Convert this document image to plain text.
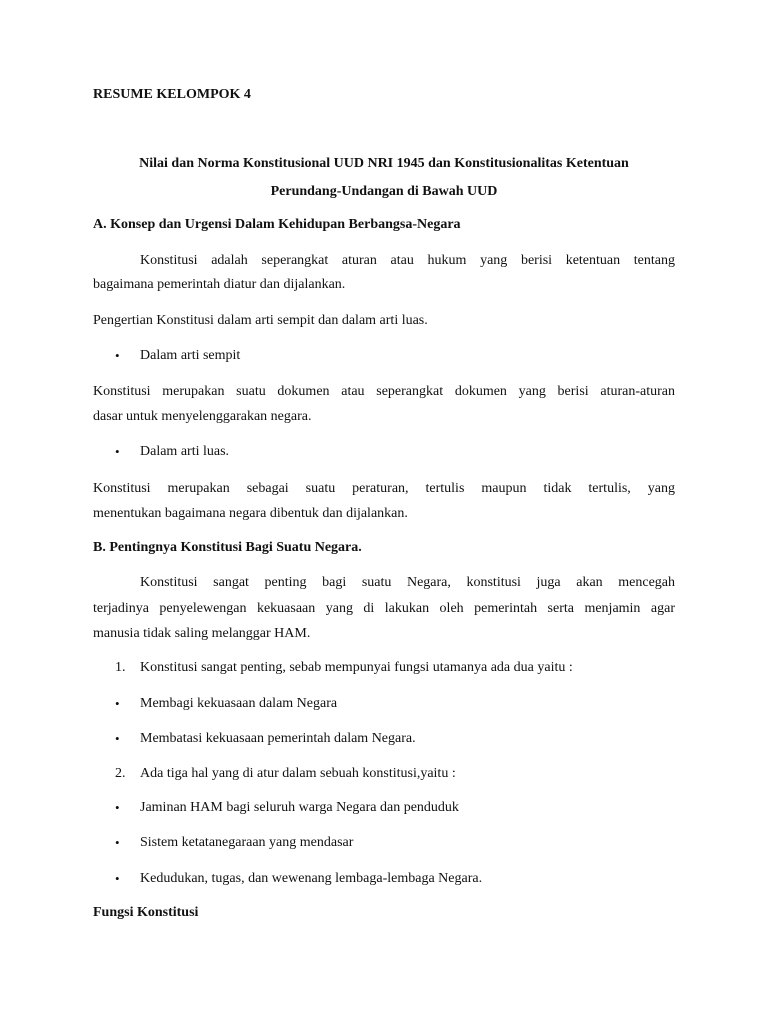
RESUME KELOMPOK 4
Nilai dan Norma Konstitusional UUD NRI 1945 dan Konstitusionalitas Ketentuan
Perundang-Undangan di Bawah UUD
A. Konsep dan Urgensi Dalam Kehidupan Berbangsa-Negara
Konstitusi adalah seperangkat aturan atau hukum yang berisi ketentuan tentang
bagaimana pemerintah diatur dan dijalankan.
Pengertian Konstitusi dalam arti sempit dan dalam arti luas.
• Dalam arti sempit
Konstitusi merupakan suatu dokumen atau seperangkat dokumen yang berisi aturan-aturan
dasar untuk menyelenggarakan negara.
• Dalam arti luas.
Konstitusi merupakan sebagai suatu peraturan, tertulis maupun tidak tertulis, yang
menentukan bagaimana negara dibentuk dan dijalankan.
B. Pentingnya Konstitusi Bagi Suatu Negara.
Konstitusi sangat penting bagi suatu Negara, konstitusi juga akan mencegah
terjadinya penyelewengan kekuasaan yang di lakukan oleh pemerintah serta menjamin agar
manusia tidak saling melanggar HAM.
1. Konstitusi sangat penting, sebab mempunyai fungsi utamanya ada dua yaitu :
• Membagi kekuasaan dalam Negara
• Membatasi kekuasaan pemerintah dalam Negara.
2. Ada tiga hal yang di atur dalam sebuah konstitusi,yaitu :
• Jaminan HAM bagi seluruh warga Negara dan penduduk
• Sistem ketatanegaraan yang mendasar
• Kedudukan, tugas, dan wewenang lembaga-lembaga Negara.
Fungsi Konstitusi
